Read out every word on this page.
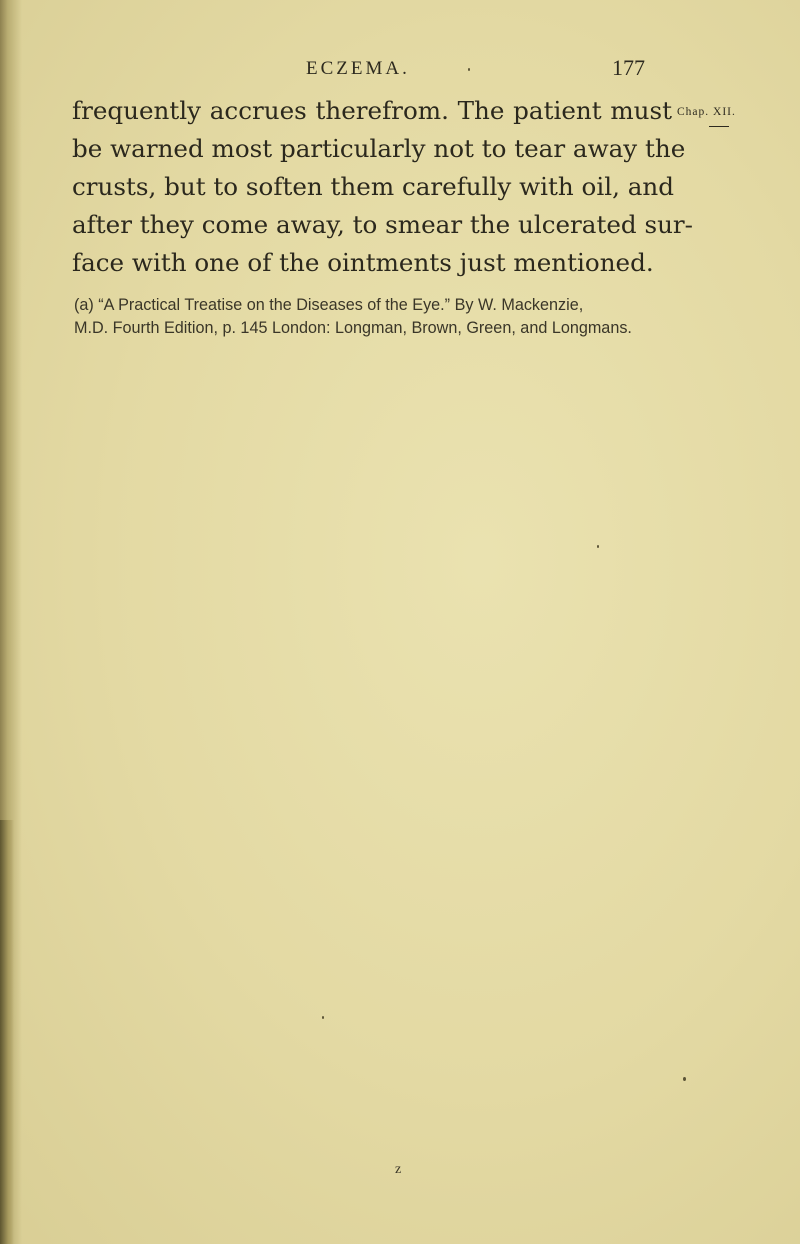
ECZEMA.	177
Chap. XII.
frequently accrues therefrom. The patient must
be warned most particularly not to tear away the
crusts, but to soften them carefully with oil, and
after they come away, to smear the ulcerated sur-
face with one of the ointments just mentioned.
(a) “A Practical Treatise on the Diseases of the Eye.” By W. Mackenzie,
M.D. Fourth Edition, p. 145 London: Longman, Brown, Green, and Longmans.
z
